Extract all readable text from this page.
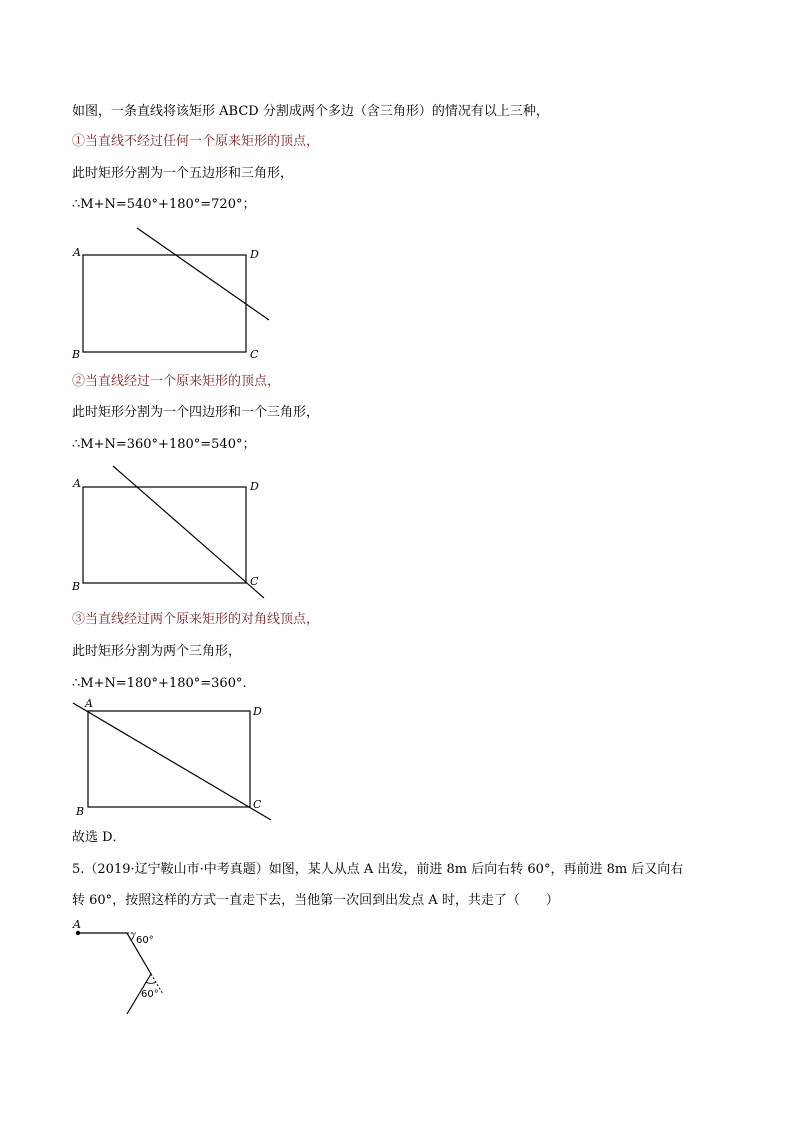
如图，一条直线将该矩形 ABCD 分割成两个多边（含三角形）的情况有以上三种，
①当直线不经过任何一个原来矩形的顶点，
此时矩形分割为一个五边形和三角形，
∴M+N=540°+180°=720°；
A	D
B	C
A	D
B	C
A
D
B
C
A
60°
60°
②当直线经过一个原来矩形的顶点，
此时矩形分割为一个四边形和一个三角形，
∴M+N=360°+180°=540°；
③当直线经过两个原来矩形的对角线顶点，
此时矩形分割为两个三角形，
∴M+N=180°+180°=360°.
故选 D．
5.（2019·辽宁鞍山市·中考真题）如图，某人从点 A 出发，前进 8m 后向右转 60°，再前进 8m 后又向右
转 60°，按照这样的方式一直走下去，当他第一次回到出发点 A 时，共走了（　　）
